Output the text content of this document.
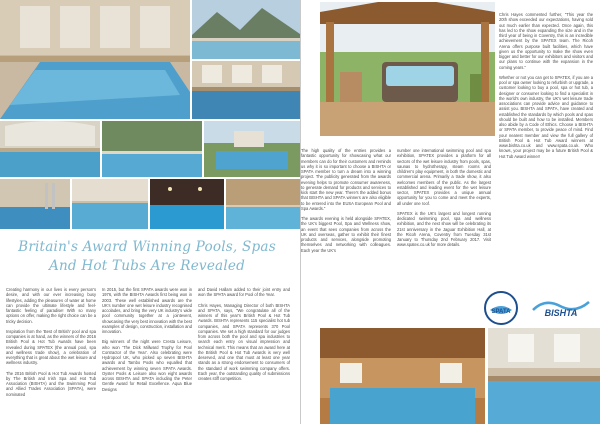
Britain's Award Winning Pools, Spas And Hot Tubs Are Revealed

Creating harmony in our lives is every person's desire, and with our ever increasing busy lifestyles, adding the pleasures of water at home can provide the ultimate lifestyle and feel-fantastic feeling of paradise! With so many options on offer, making the right choice can be a tricky decision.

Inspiration from the 'Best of British' pool and spa companies is at hand, as the winners of the 2016 British Pool & Hot Tub Awards have been revealed during SPATEX (the annual pool, spa and wellness trade show), a celebration of everything that is great about the wet leisure and wellness industry.

The 2016 British Pool & Hot Tub Awards hosted by The British and Irish Spa and Hot Tub Association (BISHTA) and the Swimming Pool and Allied Trades Association (SPATA), were nominated

In 2015, but the first SPATA awards were won in 1976, with the BISHTA Awards first being won in 2003. These well established awards are the UK's number one wet leisure industry recognised accolades, and bring the very UK industry's wide pool community together at a jointevent, showcasing the very best innovation with the best examples of design, construction, installation and innovation.

Big winners of the night were Cresta Leisure, who won 'The Dick Millward Trophy for Pool Contractor of the Year'. Also celebrating were Hydropool UK, who picked up seven BISHTA awards and Tambo Pools who equalled that achievement by winning seven SPATA Awards. Oyster Pools & Leisure also won eight awards across BISHTA and SPATA including the Peter Gentle Award for Retail Excellence. Aqua Blue Designs

and David Hallam added to their joint entry and won the SPATA award for Pool of the Year.

Chris Hayes, Managing Director of both BISHTA and SPATA, says, "We congratulate all of the winners of this year's British Pool & Hot Tub Awards. BISHTA represents 115 specialist hot tub companies, and SPATA represents 370 Pool companies. We set a high standard for our judges from across both the pool and spa industries to search each entry on visual impression and technical merit. This means that an award here at the British Pool & Hot Tub Awards is very well deserved, and one that must at least one year stands as a strong endorsement to consumers of the standard of work swimming company offers. Each year, the outstanding quality of submissions creates stiff competition.

Chris Hayes commented further, "This year the 20th show exceeded our expectations, having sold out much earlier than expected. Once again, this has led to the show expanding the size and in the third year of being in Coventry, this is an incredible achievement by the SPATEX team. The Ricoh Arena offers purpose built facilities, which have given us the opportunity to make the show even bigger and better for our exhibitors and visitors and our plans to continue with the expansion in the coming years."

Whether or not you can get to SPATEX, if you are a pool or spa owner looking to refurbish or upgrade, a customer looking to buy a pool, spa or hot tub, a designer or consumer looking to find a specialist in the world's own industry, the UK's wet leisure trade associations can provide advice and guidance to assist you. BISHTA and SPATA, have created and established the standards by which pools and spas should be built and how to be installed. Members also abide by a Code of Ethics. Choose a BISHTA or SPATA member, to provide peace of mind. Find your nearest member and view the full gallery of British Pool & Hot Tub Award winners at www.bishta.co.uk and www.spata.co.uk. Who knows, your project may be a future British Pool & Hot Tub Award winner!

The high quality of the entries provides a fantastic opportunity for showcasing what our members can do for their customers and reminds us why it is so important to choose a BISHTA or SPATA member to turn a dream into a winning project. The publicity generated from the awards evening helps to promote consumer awareness, to generate demand for products and services to kick start the new year. There's the added bonus that BISHTA and SPATA winners are also eligible to be entered into the EUSA European Pool and Spa Awards."

The awards evening is held alongside SPATEX, the UK's biggest Pool, Spa and Wellness show, an event that sees companies from across the UK and overseas, gather to exhibit their finest products and services, alongside promoting themselves and networking with colleagues. Each year the UK's

number one international swimming pool and spa exhibition, SPATEX provides a platform for all sectors of the wet leisure industry from pools, spas, saunas to hydrotherapy, steam rooms and children's play equipment, in both the domestic and commercial arena. Primarily a trade show, it also welcomes members of the public. As the largest established and leading event for the wet leisure sector, SPATEX provides a unique annual opportunity for you to come and meet the experts, all under one roof.

SPATEX is the UK's largest and longest running dedicated swimming pool, spa and wellness exhibition, and the next show will be celebrating its 21st anniversary in the Jaguar Exhibition Hall, at the Ricoh Arena, Coventry from Tuesday 31st January to Thursday 2nd February 2017. Visit www.spatex.co.uk for more details.

SPATA	BISHTA
